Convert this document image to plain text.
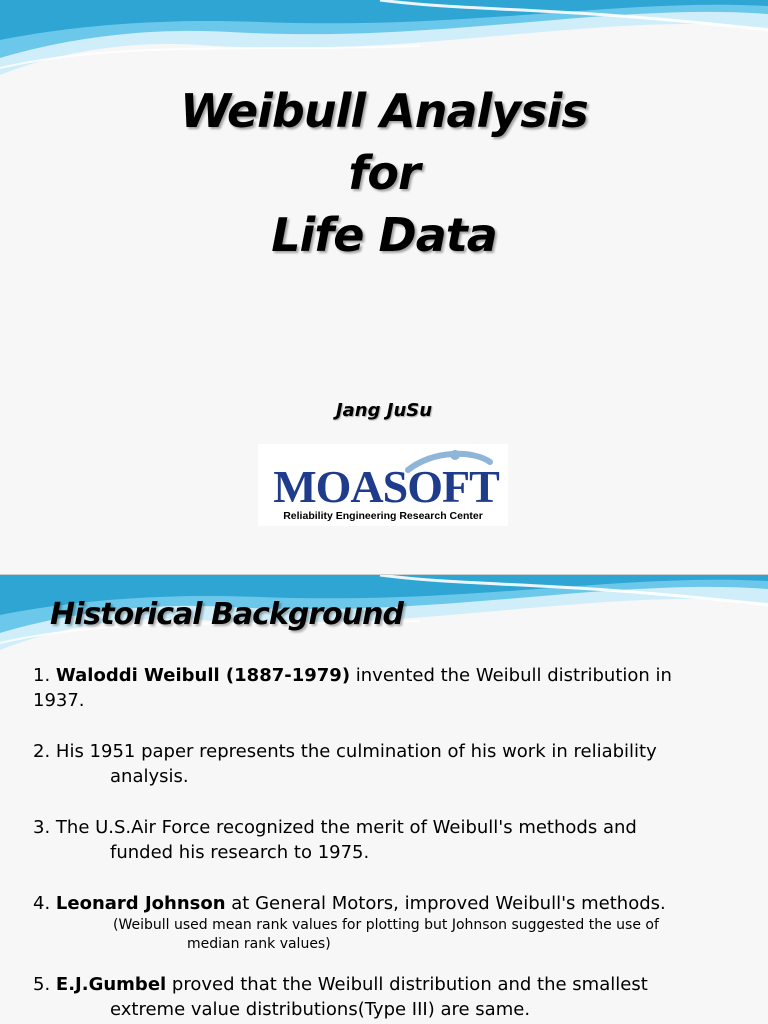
Weibull Analysis
for
Life Data
Jang JuSu
MOASOFT
Reliability Engineering Research Center
Historical Background
1. Waloddi Weibull (1887-1979) invented the Weibull distribution in
1937.
2. His 1951 paper represents the culmination of his work in reliability
analysis.
3. The U.S.Air Force recognized the merit of Weibull's methods and
funded his research to 1975.
4. Leonard Johnson at General Motors, improved Weibull's methods.
(Weibull used mean rank values for plotting but Johnson suggested the use of
median rank values)
5. E.J.Gumbel proved that the Weibull distribution and the smallest
extreme value distributions(Type III) are same.
